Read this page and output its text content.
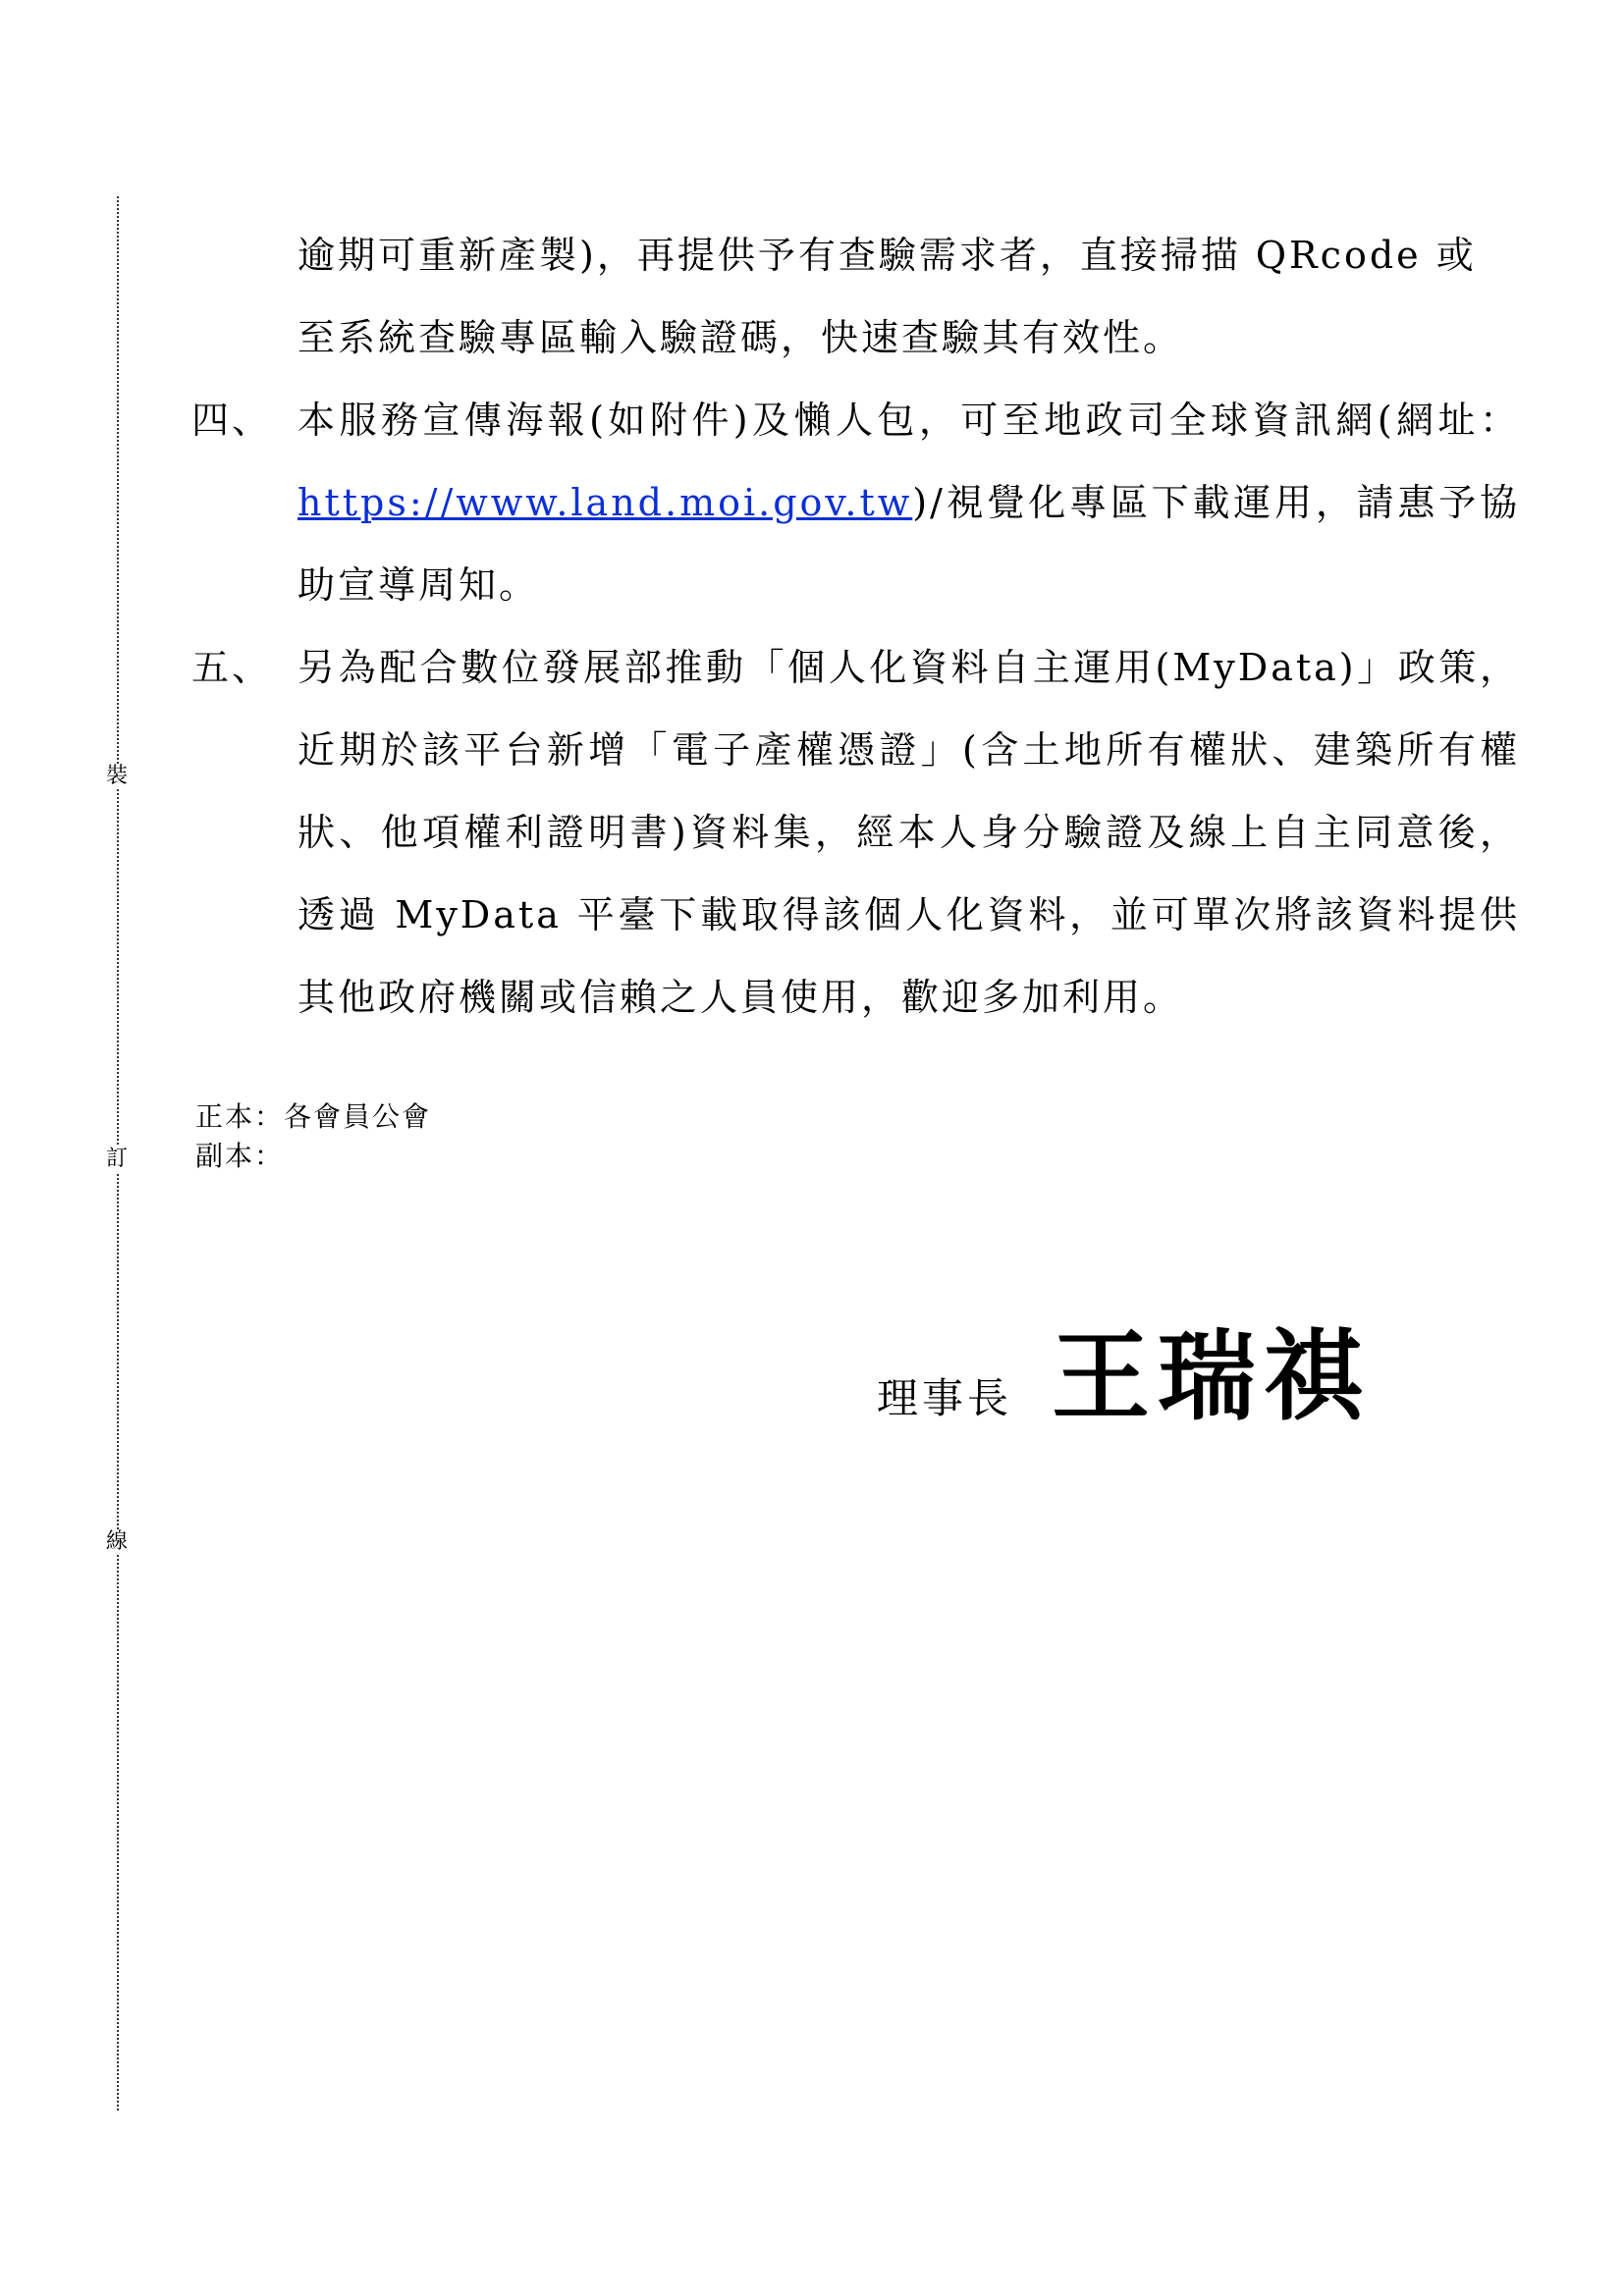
裝
訂
線
逾期可重新產製)，再提供予有查驗需求者，直接掃描 QRcode 或
至系統查驗專區輸入驗證碼，快速查驗其有效性。
四、 本服務宣傳海報(如附件)及懶人包，可至地政司全球資訊網(網址：https://www.land.moi.gov.tw)/視覺化專區下載運用，請惠予協助宣導周知。
五、 另為配合數位發展部推動「個人化資料自主運用(MyData)」政策，近期於該平台新增「電子產權憑證」(含土地所有權狀、建築所有權狀、他項權利證明書)資料集，經本人身分驗證及線上自主同意後，透過 MyData 平臺下載取得該個人化資料，並可單次將該資料提供其他政府機關或信賴之人員使用，歡迎多加利用。
正本：各會員公會
副本：
理事長 王瑞祺
